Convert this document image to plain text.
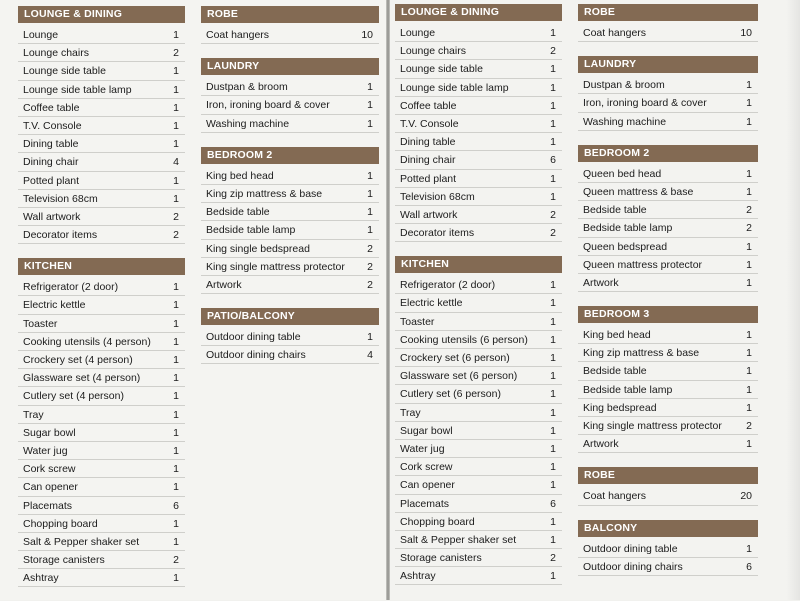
LOUNGE & DINING
Lounge	1
Lounge chairs	2
Lounge side table	1
Lounge side table lamp	1
Coffee table	1
T.V. Console	1
Dining table	1
Dining chair	4
Potted plant	1
Television 68cm	1
Wall artwork	2
Decorator items	2
KITCHEN
Refrigerator (2 door)	1
Electric kettle	1
Toaster	1
Cooking utensils (4 person) 1
Crockery set (4 person)	1
Glassware set (4 person)	1
Cutlery set (4 person)	1
Tray	1
Sugar bowl	1
Water jug	1
Cork screw	1
Can opener	1
Placemats	6
Chopping board	1
Salt & Pepper shaker set	1
Storage canisters	2
Ashtray	1
ROBE
Coat hangers	10
LAUNDRY
Dustpan & broom	1
Iron, ironing board & cover	1
Washing machine	1
BEDROOM 2
King bed head	1
King zip mattress & base	1
Bedside table	1
Bedside table lamp	1
King single bedspread	2
King single mattress protector 2
Artwork	2
PATIO/BALCONY
Outdoor dining table	1
Outdoor dining chairs	4
LOUNGE & DINING
Lounge	1
Lounge chairs	2
Lounge side table	1
Lounge side table lamp	1
Coffee table	1
T.V. Console	1
Dining table	1
Dining chair	6
Potted plant	1
Television 68cm	1
Wall artwork	2
Decorator items	2
KITCHEN
Refrigerator (2 door)	1
Electric kettle	1
Toaster	1
Cooking utensils (6 person) 1
Crockery set (6 person)	1
Glassware set (6 person)	1
Cutlery set (6 person)	1
Tray	1
Sugar bowl	1
Water jug	1
Cork screw	1
Can opener	1
Placemats	6
Chopping board	1
Salt & Pepper shaker set	1
Storage canisters	2
Ashtray	1
ROBE
Coat hangers	10
LAUNDRY
Dustpan & broom	1
Iron, ironing board & cover	1
Washing machine	1
BEDROOM 2
Queen bed head	1
Queen mattress & base	1
Bedside table	2
Bedside table lamp	2
Queen bedspread	1
Queen mattress protector	1
Artwork	1
BEDROOM 3
King bed head	1
King zip mattress & base	1
Bedside table	1
Bedside table lamp	1
King bedspread	1
King single mattress protector 2
Artwork	1
ROBE
Coat hangers	20
BALCONY
Outdoor dining table	1
Outdoor dining chairs	6
